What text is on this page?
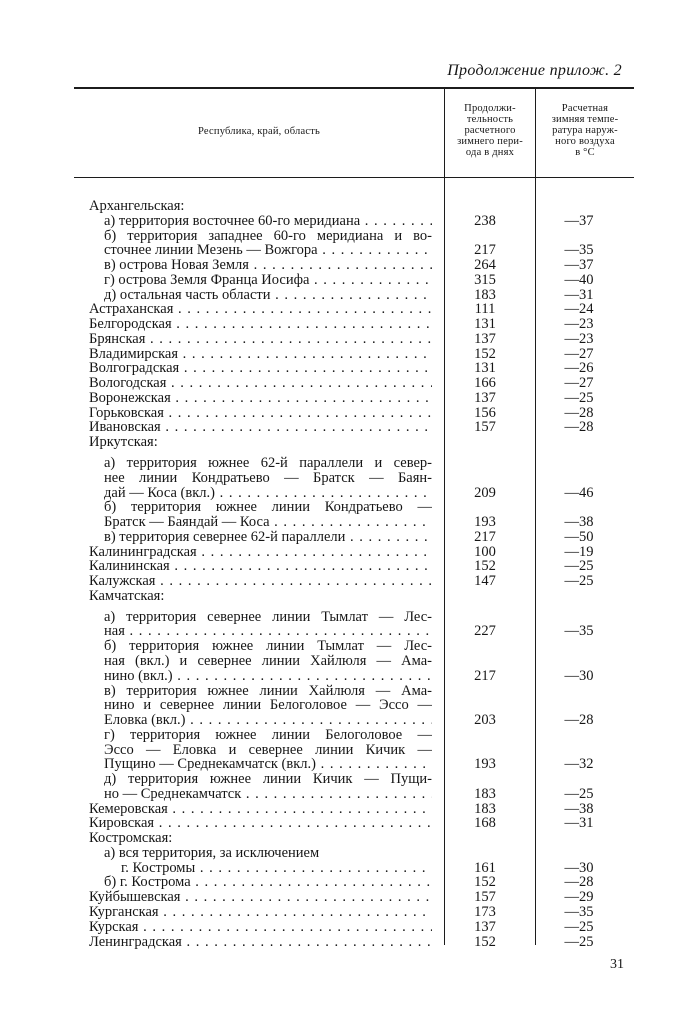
Продолжение прилож. 2
Республика, край, область
Продолжи-
тельность
расчетного
зимнего пери-
ода в днях
Расчетная
зимняя темпе-
ратура наруж-
ного воздуха
в °С
Архангельская:
а) территория восточнее 60-го меридиана . . .	238	—37
б) территория западнее 60-го меридиана и во-
сточнее линии Мезень — Вожгора . . .	217	—35
в) острова Новая Земля . . .	264	—37
г) острова Земля Франца Иосифа . . .	315	—40
д) остальная часть области . . .	183	—31
Астраханская . . .	111	—24
Белгородская . . .	131	—23
Брянская . . .	137	—23
Владимирская . . .	152	—27
Волгоградская . . .	131	—26
Вологодская . . .	166	—27
Воронежская . . .	137	—25
Горьковская . . .	156	—28
Ивановская . . .	157	—28
Иркутская:
а) территория южнее 62-й параллели и север-
нее линии Кондратьево — Братск — Баян-
дай — Коса (вкл.) . . .	209	—46
б) территория южнее линии Кондратьево —
Братск — Баяндай — Коса . . .	193	—38
в) территория севернее 62-й параллели . . .	217	—50
Калининградская . . .	100	—19
Калининская . . .	152	—25
Калужская . . .	147	—25
Камчатская:
а) территория севернее линии Тымлат — Лес-
ная . . .	227	—35
б) территория южнее линии Тымлат — Лес-
ная (вкл.) и севернее линии Хайлюля — Ама-
нино (вкл.) . . .	217	—30
в) территория южнее линии Хайлюля — Ама-
нино и севернее линии Белоголовое — Эссо —
Еловка (вкл.) . . .	203	—28
г) территория южнее линии Белоголовое —
Эссо — Еловка и севернее линии Кичик —
Пущино — Среднекамчатск (вкл.) . . .	193	—32
д) территория южнее линии Кичик — Пущи-
но — Среднекамчатск . . .	183	—25
Кемеровская . . .	183	—38
Кировская . . .	168	—31
Костромская:
а) вся территория, за исключением
г. Костромы . . .	161	—30
б) г. Кострома . . .	152	—28
Куйбышевская . . .	157	—29
Курганская . . .	173	—35
Курская . . .	137	—25
Ленинградская . . .	152	—25
31
